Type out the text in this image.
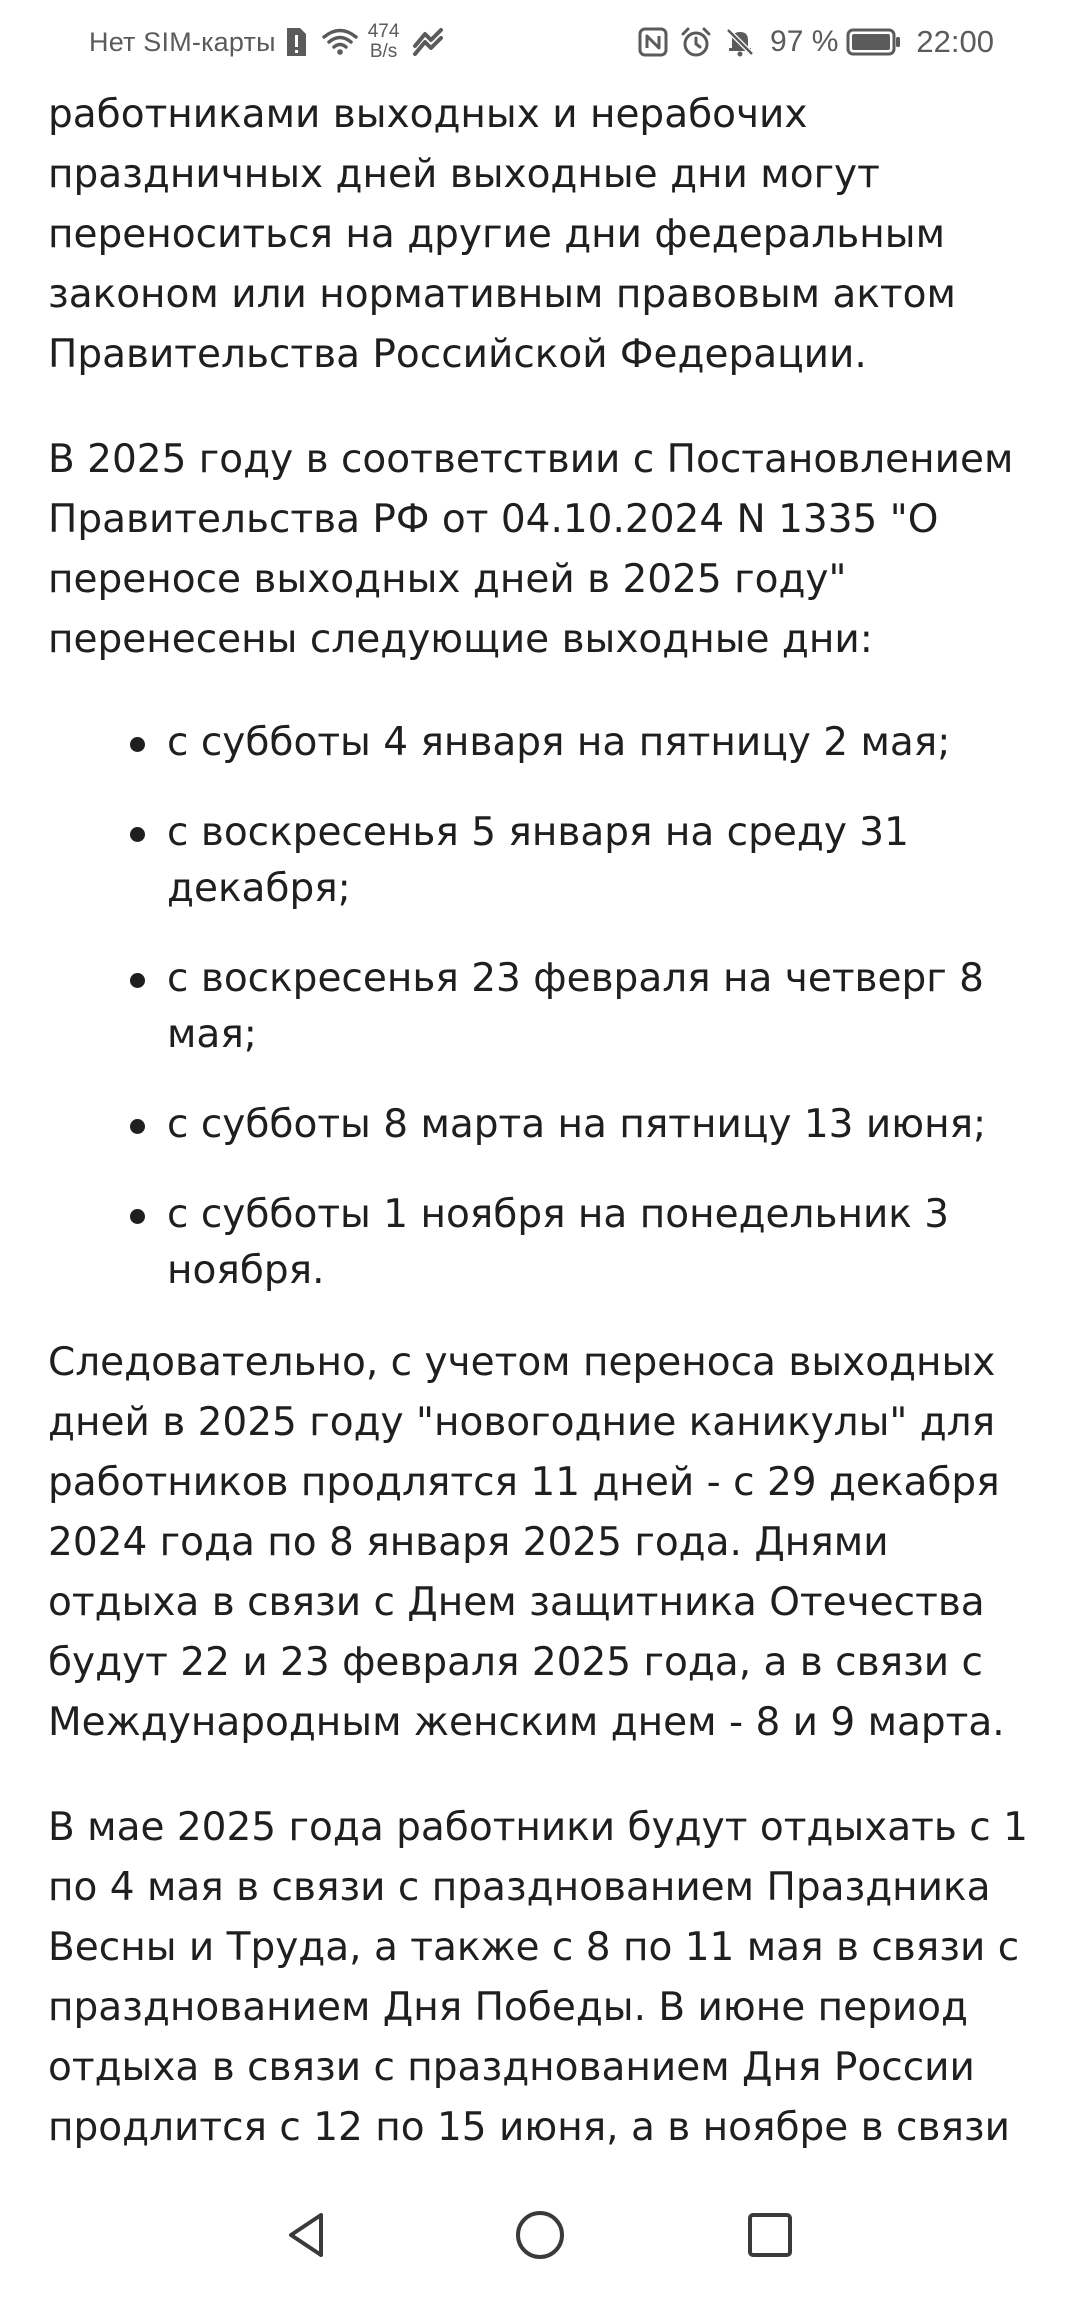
Нет SIM-карты	474
B/s	97 %	22:00

работниками выходных и нерабочих праздничных дней выходные дни могут переноситься на другие дни федеральным законом или нормативным правовым актом Правительства Российской Федерации.

В 2025 году в соответствии с Постановлением Правительства РФ от 04.10.2024 N 1335 "О переносе выходных дней в 2025 году" перенесены следующие выходные дни:

с субботы 4 января на пятницу 2 мая;
с воскресенья 5 января на среду 31 декабря;
с воскресенья 23 февраля на четверг 8 мая;
с субботы 8 марта на пятницу 13 июня;
с субботы 1 ноября на понедельник 3 ноября.

Следовательно, с учетом переноса выходных дней в 2025 году "новогодние каникулы" для работников продлятся 11 дней - с 29 декабря 2024 года по 8 января 2025 года. Днями отдыха в связи с Днем защитника Отечества будут 22 и 23 февраля 2025 года, а в связи с Международным женским днем - 8 и 9 марта.

В мае 2025 года работники будут отдыхать с 1 по 4 мая в связи с празднованием Праздника Весны и Труда, а также с 8 по 11 мая в связи с празднованием Дня Победы. В июне период отдыха в связи с празднованием Дня России продлится с 12 по 15 июня, а в ноябре в связи
